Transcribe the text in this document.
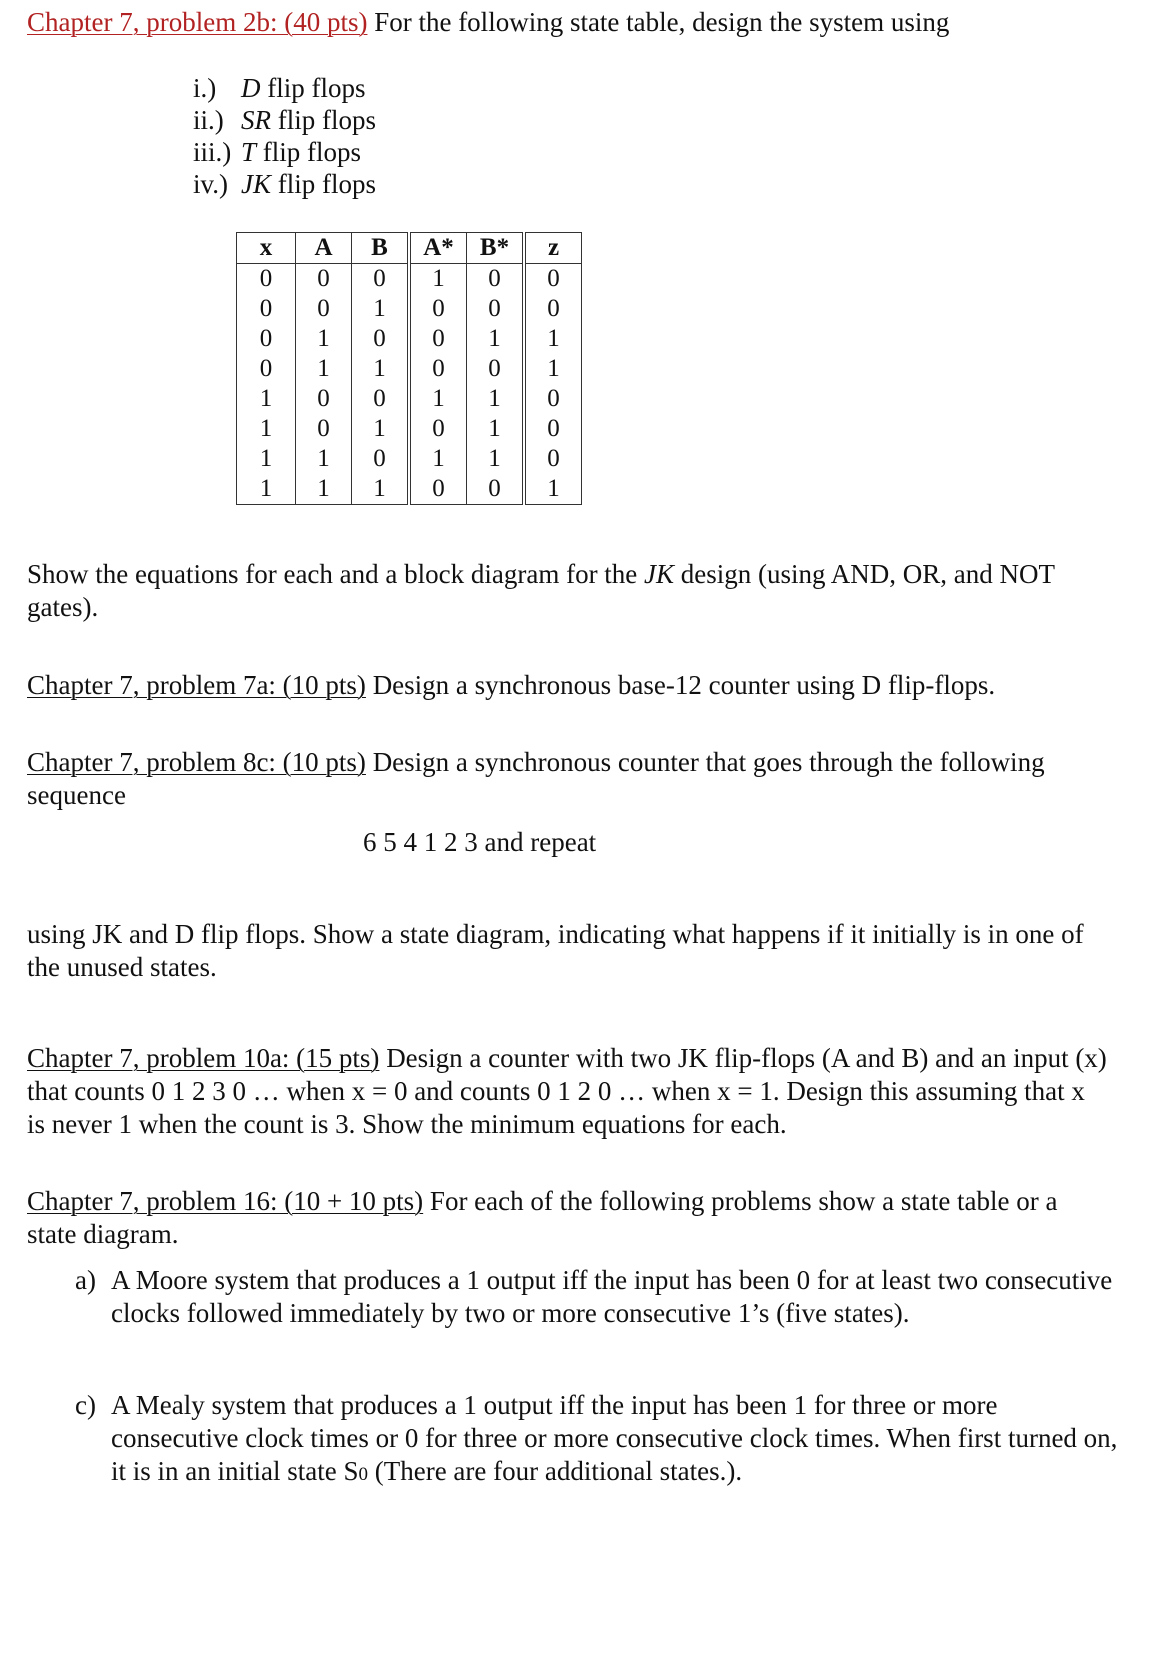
Chapter 7, problem 2b: (40 pts) For the following state table, design the system using
i.) D flip flops
ii.) SR flip flops
iii.) T flip flops
iv.) JK flip flops
x	A	B	A*	B*	z
0	0	0	1	0	0
0	0	1	0	0	0
0	1	0	0	1	1
0	1	1	0	0	1
1	0	0	1	1	0
1	0	1	0	1	0
1	1	0	1	1	0
1	1	1	0	0	1
Show the equations for each and a block diagram for the JK design (using AND, OR, and NOT gates).
Chapter 7, problem 7a: (10 pts) Design a synchronous base-12 counter using D flip-flops.
Chapter 7, problem 8c: (10 pts) Design a synchronous counter that goes through the following sequence
6 5 4 1 2 3 and repeat
using JK and D flip flops. Show a state diagram, indicating what happens if it initially is in one of the unused states.
Chapter 7, problem 10a: (15 pts) Design a counter with two JK flip-flops (A and B) and an input (x) that counts 0 1 2 3 0 … when x = 0 and counts 0 1 2 0 … when x = 1. Design this assuming that x is never 1 when the count is 3. Show the minimum equations for each.
Chapter 7, problem 16: (10 + 10 pts) For each of the following problems show a state table or a state diagram.
a) A Moore system that produces a 1 output iff the input has been 0 for at least two consecutive clocks followed immediately by two or more consecutive 1’s (five states).
c) A Mealy system that produces a 1 output iff the input has been 1 for three or more consecutive clock times or 0 for three or more consecutive clock times. When first turned on, it is in an initial state S0 (There are four additional states.).
